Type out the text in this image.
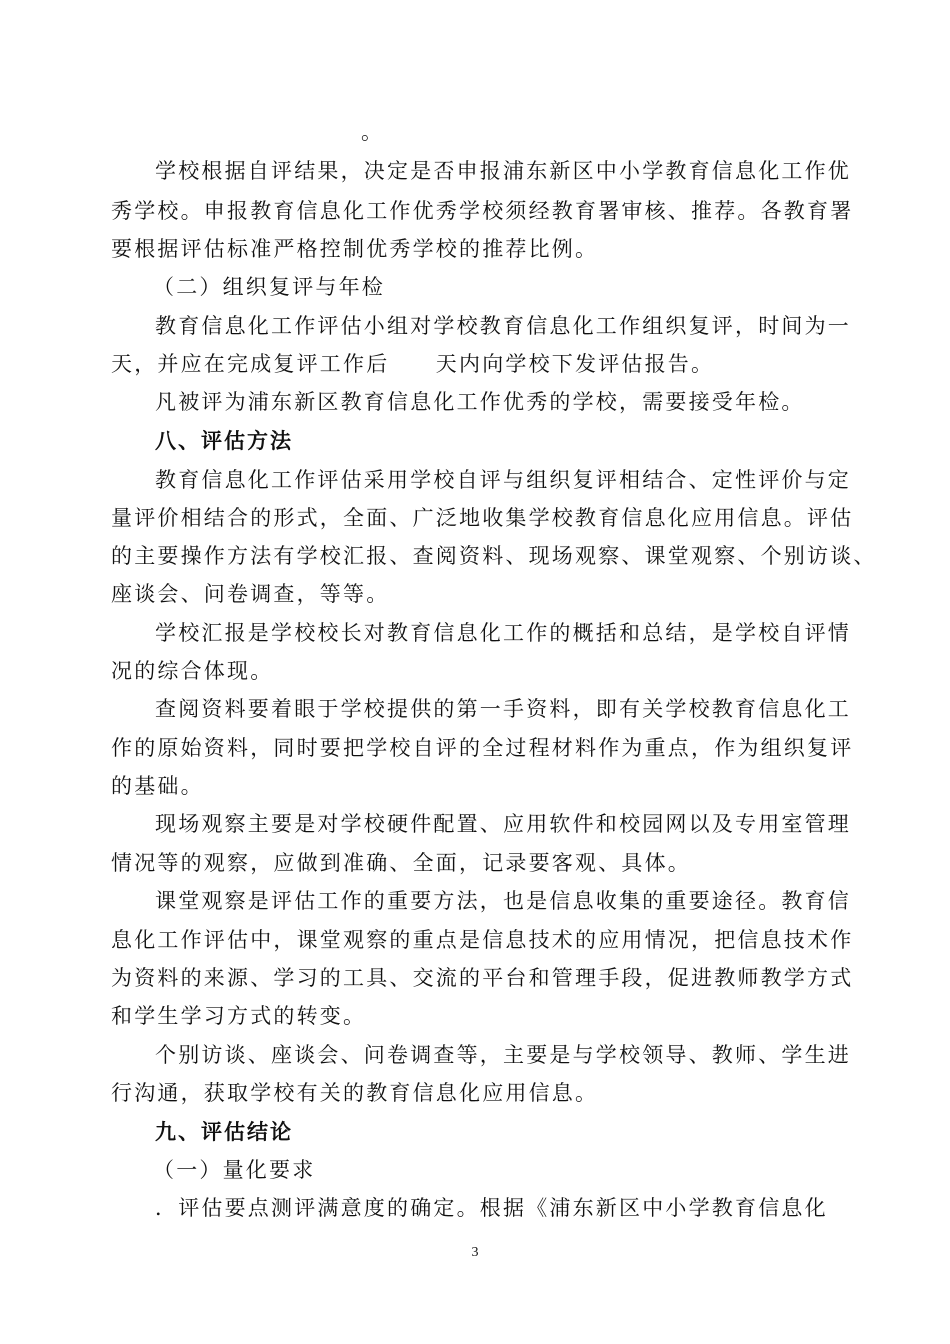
。
学校根据自评结果，决定是否申报浦东新区中小学教育信息化工作优
秀学校。申报教育信息化工作优秀学校须经教育署审核、推荐。各教育署
要根据评估标准严格控制优秀学校的推荐比例。
（二）组织复评与年检
教育信息化工作评估小组对学校教育信息化工作组织复评，时间为一
天，并应在完成复评工作后　　天内向学校下发评估报告。
凡被评为浦东新区教育信息化工作优秀的学校，需要接受年检。
八、评估方法
教育信息化工作评估采用学校自评与组织复评相结合、定性评价与定
量评价相结合的形式，全面、广泛地收集学校教育信息化应用信息。评估
的主要操作方法有学校汇报、查阅资料、现场观察、课堂观察、个别访谈、
座谈会、问卷调查，等等。
学校汇报是学校校长对教育信息化工作的概括和总结，是学校自评情
况的综合体现。
查阅资料要着眼于学校提供的第一手资料，即有关学校教育信息化工
作的原始资料，同时要把学校自评的全过程材料作为重点，作为组织复评
的基础。
现场观察主要是对学校硬件配置、应用软件和校园网以及专用室管理
情况等的观察，应做到准确、全面，记录要客观、具体。
课堂观察是评估工作的重要方法，也是信息收集的重要途径。教育信
息化工作评估中，课堂观察的重点是信息技术的应用情况，把信息技术作
为资料的来源、学习的工具、交流的平台和管理手段，促进教师教学方式
和学生学习方式的转变。
个别访谈、座谈会、问卷调查等，主要是与学校领导、教师、学生进
行沟通，获取学校有关的教育信息化应用信息。
九、评估结论
（一）量化要求
．评估要点测评满意度的确定。根据《浦东新区中小学教育信息化
3
